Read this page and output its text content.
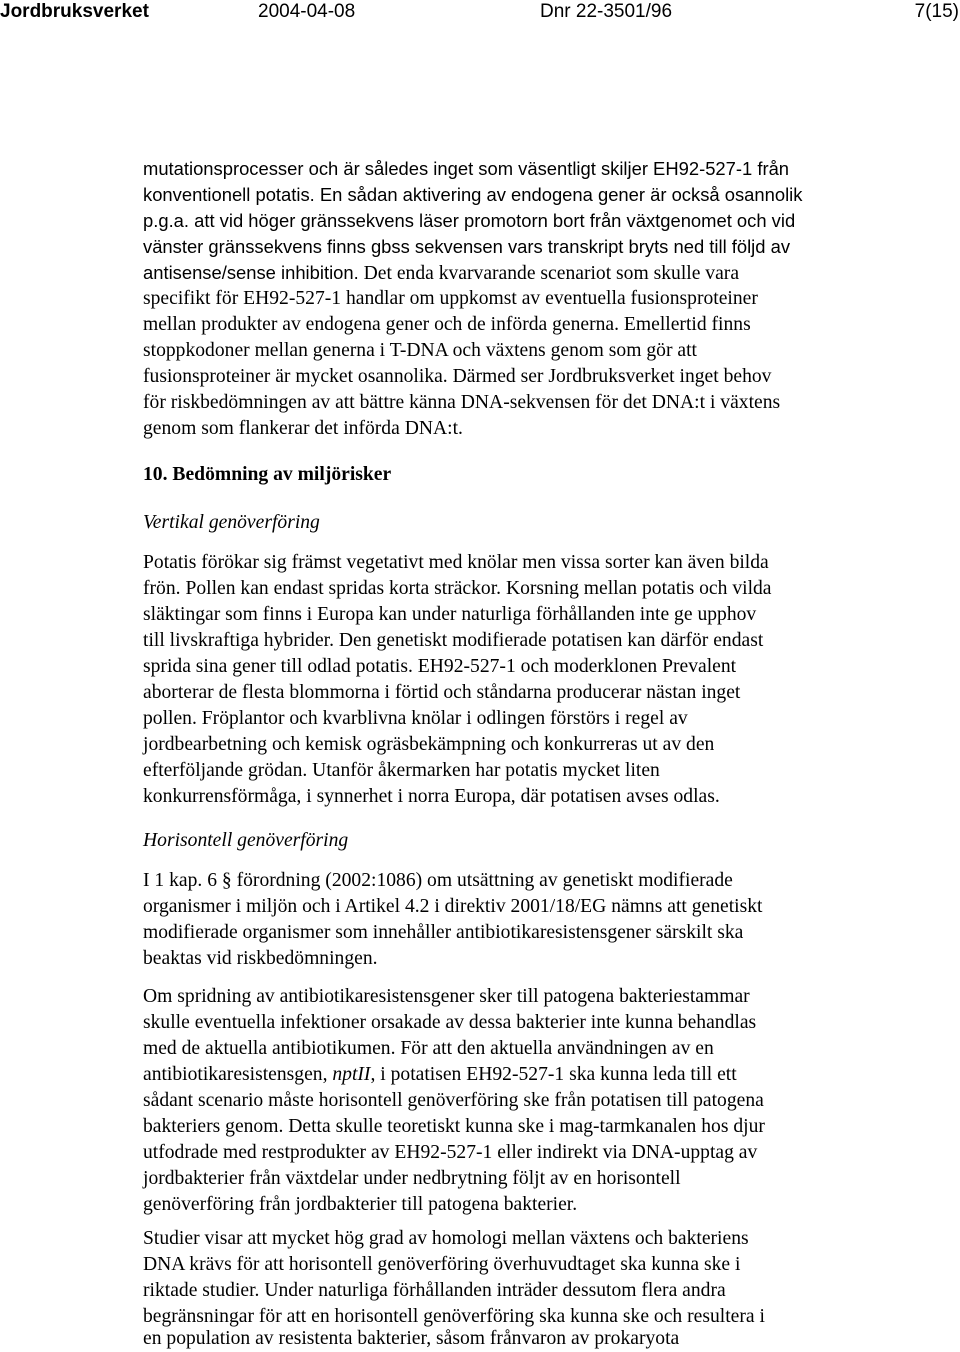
Jordbruksverket	2004-04-08	Dnr 22-3501/96	7(15)
mutationsprocesser och är således inget som väsentligt skiljer EH92-527-1 från
konventionell potatis. En sådan aktivering av endogena gener är också osannolik
p.g.a. att vid höger gränssekvens läser promotorn bort från växtgenomet och vid
vänster gränssekvens finns gbss sekvensen vars transkript bryts ned till följd av
antisense/sense inhibition. Det enda kvarvarande scenariot som skulle vara
specifikt för EH92-527-1 handlar om uppkomst av eventuella fusionsproteiner
mellan produkter av endogena gener och de införda generna. Emellertid finns
stoppkodoner mellan generna i T-DNA och växtens genom som gör att
fusionsproteiner är mycket osannolika. Därmed ser Jordbruksverket inget behov
för riskbedömningen av att bättre känna DNA-sekvensen för det DNA:t i växtens
genom som flankerar det införda DNA:t.
10. Bedömning av miljörisker
Vertikal genöverföring
Potatis förökar sig främst vegetativt med knölar men vissa sorter kan även bilda
frön. Pollen kan endast spridas korta sträckor. Korsning mellan potatis och vilda
släktingar som finns i Europa kan under naturliga förhållanden inte ge upphov
till livskraftiga hybrider. Den genetiskt modifierade potatisen kan därför endast
sprida sina gener till odlad potatis. EH92-527-1 och moderklonen Prevalent
aborterar de flesta blommorna i förtid och ståndarna producerar nästan inget
pollen. Fröplantor och kvarblivna knölar i odlingen förstörs i regel av
jordbearbetning och kemisk ogräsbekämpning och konkurreras ut av den
efterföljande grödan. Utanför åkermarken har potatis mycket liten
konkurrensförmåga, i synnerhet i norra Europa, där potatisen avses odlas.
Horisontell genöverföring
I 1 kap. 6 § förordning (2002:1086) om utsättning av genetiskt modifierade
organismer i miljön och i Artikel 4.2 i direktiv 2001/18/EG nämns att genetiskt
modifierade organismer som innehåller antibiotikaresistensgener särskilt ska
beaktas vid riskbedömningen.
Om spridning av antibiotikaresistensgener sker till patogena bakteriestammar
skulle eventuella infektioner orsakade av dessa bakterier inte kunna behandlas
med de aktuella antibiotikumen. För att den aktuella användningen av en
antibiotikaresistensgen, nptII, i potatisen EH92-527-1 ska kunna leda till ett
sådant scenario måste horisontell genöverföring ske från potatisen till patogena
bakteriers genom. Detta skulle teoretiskt kunna ske i mag-tarmkanalen hos djur
utfodrade med restprodukter av EH92-527-1 eller indirekt via DNA-upptag av
jordbakterier från växtdelar under nedbrytning följt av en horisontell
genöverföring från jordbakterier till patogena bakterier.
Studier visar att mycket hög grad av homologi mellan växtens och bakteriens
DNA krävs för att horisontell genöverföring överhuvudtaget ska kunna ske i
riktade studier. Under naturliga förhållanden inträder dessutom flera andra
begränsningar för att en horisontell genöverföring ska kunna ske och resultera i
en population av resistenta bakterier, såsom frånvaron av prokaryota
